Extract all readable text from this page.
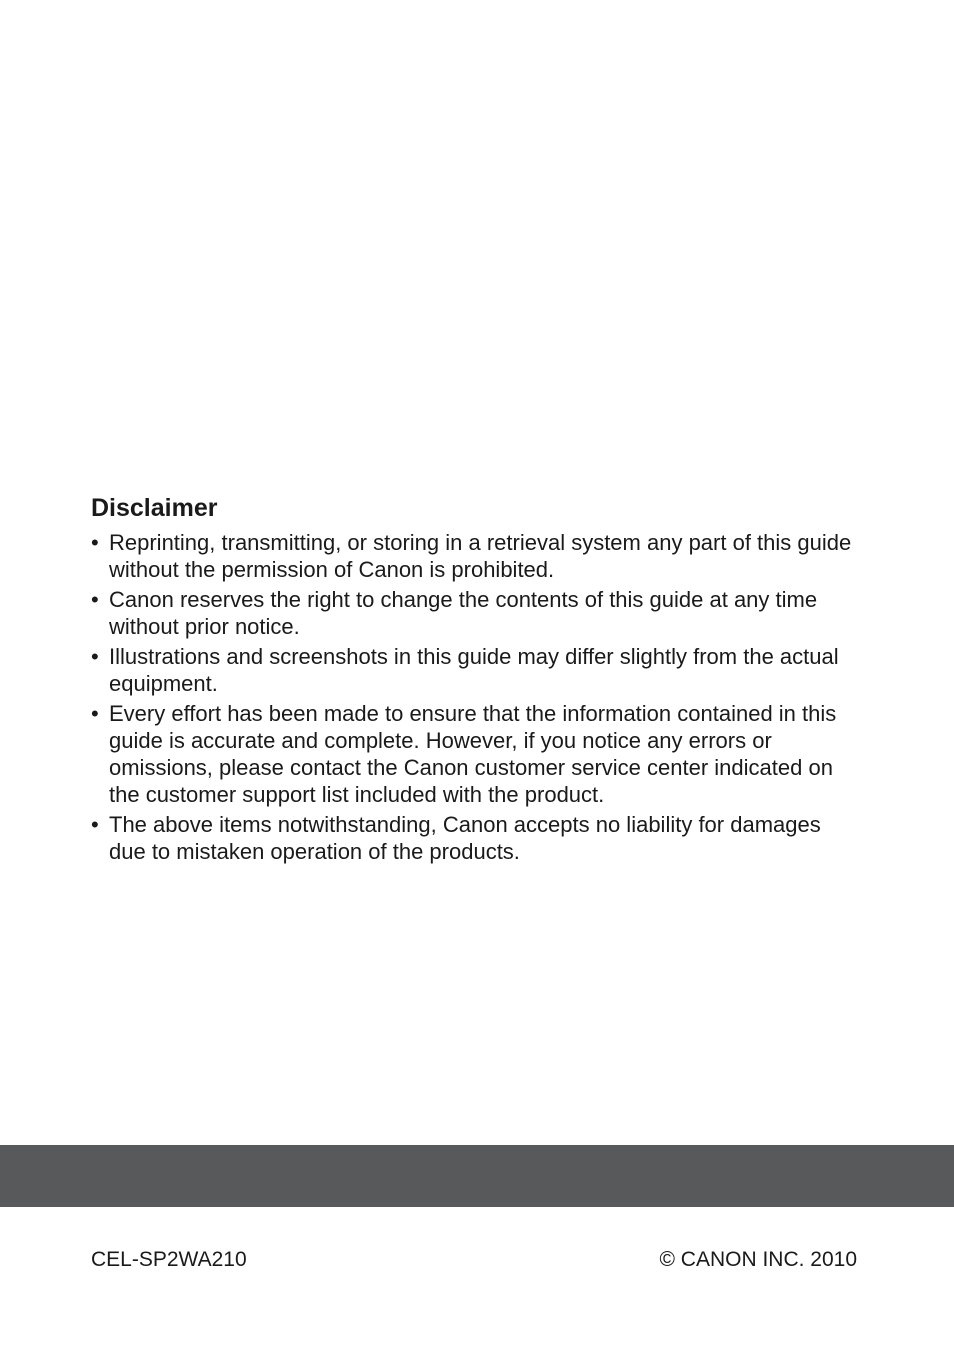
Disclaimer
• Reprinting, transmitting, or storing in a retrieval system any part of this guide without the permission of Canon is prohibited.
• Canon reserves the right to change the contents of this guide at any time without prior notice.
• Illustrations and screenshots in this guide may differ slightly from the actual equipment.
• Every effort has been made to ensure that the information contained in this guide is accurate and complete. However, if you notice any errors or omissions, please contact the Canon customer service center indicated on the customer support list included with the product.
• The above items notwithstanding, Canon accepts no liability for damages due to mistaken operation of the products.
CEL-SP2WA210	© CANON INC. 2010
